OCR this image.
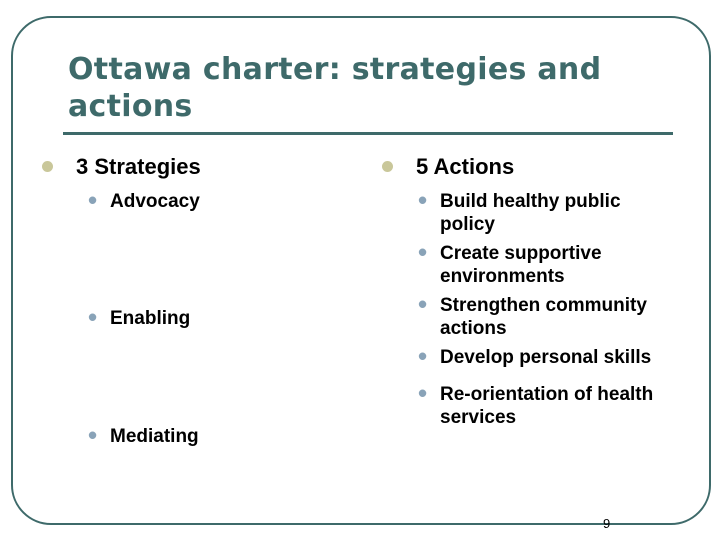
Ottawa charter: strategies and actions
3 Strategies
• Advocacy
• Enabling
• Mediating
5 Actions
• Build healthy public policy
• Create supportive environments
• Strengthen community actions
• Develop personal skills
• Re-orientation of health services
9
